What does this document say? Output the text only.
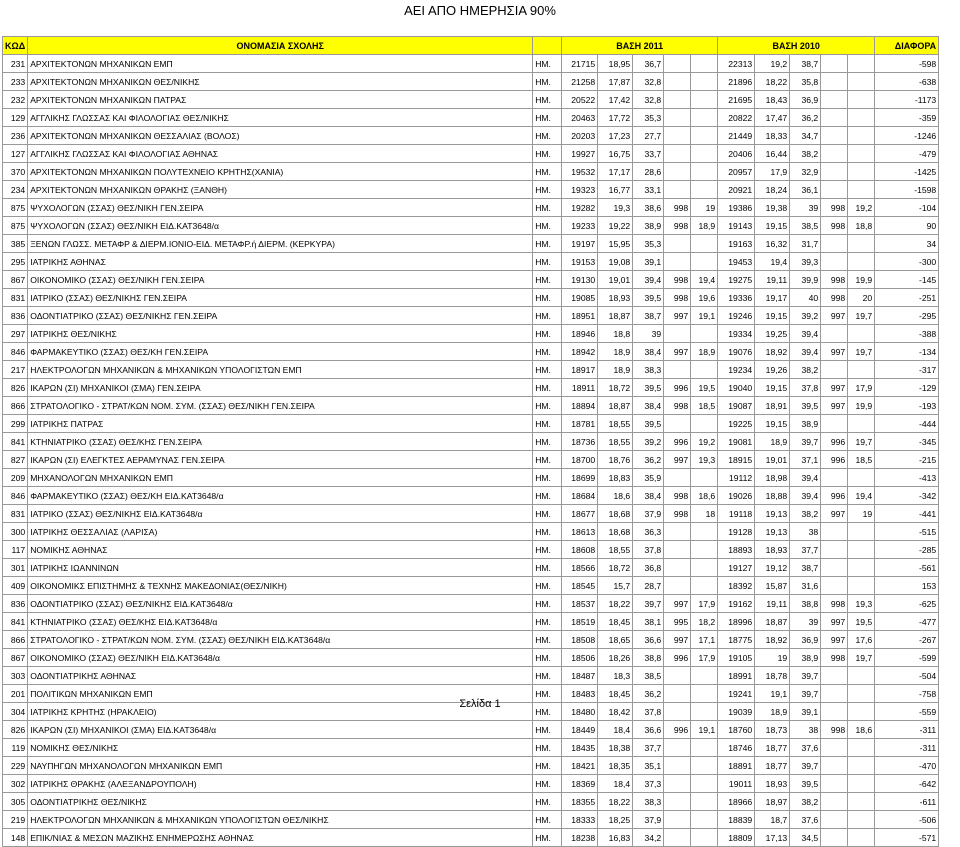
ΑΕΙ ΑΠΟ ΗΜΕΡΗΣΙΑ 90%
ΚΩΔ	ΟΝΟΜΑΣΙΑ ΣΧΟΛΗΣ		ΒΑΣΗ 2011					ΒΑΣΗ 2010					ΔΙΑΦΟΡΑ
231	ΑΡΧΙΤΕΚΤΟΝΩΝ ΜΗΧΑΝΙΚΩΝ ΕΜΠ	ΗΜ.	21715	18,95	36,7			22313	19,2	38,7			-598
233	ΑΡΧΙΤΕΚΤΟΝΩΝ ΜΗΧΑΝΙΚΩΝ ΘΕΣ/ΝΙΚΗΣ	ΗΜ.	21258	17,87	32,8			21896	18,22	35,8			-638
232	ΑΡΧΙΤΕΚΤΟΝΩΝ ΜΗΧΑΝΙΚΩΝ ΠΑΤΡΑΣ	ΗΜ.	20522	17,42	32,8			21695	18,43	36,9			-1173
129	ΑΓΓΛΙΚΗΣ ΓΛΩΣΣΑΣ ΚΑΙ ΦΙΛΟΛΟΓΙΑΣ ΘΕΣ/ΝΙΚΗΣ	ΗΜ.	20463	17,72	35,3			20822	17,47	36,2			-359
236	ΑΡΧΙΤΕΚΤΟΝΩΝ ΜΗΧΑΝΙΚΩΝ ΘΕΣΣΑΛΙΑΣ (ΒΟΛΟΣ)	ΗΜ.	20203	17,23	27,7			21449	18,33	34,7			-1246
127	ΑΓΓΛΙΚΗΣ ΓΛΩΣΣΑΣ ΚΑΙ ΦΙΛΟΛΟΓΙΑΣ ΑΘΗΝΑΣ	ΗΜ.	19927	16,75	33,7			20406	16,44	38,2			-479
370	ΑΡΧΙΤΕΚΤΟΝΩΝ ΜΗΧΑΝΙΚΩΝ ΠΟΛΥΤΕΧΝΕΙΟ ΚΡΗΤΗΣ(ΧΑΝΙΑ)	ΗΜ.	19532	17,17	28,6			20957	17,9	32,9			-1425
234	ΑΡΧΙΤΕΚΤΟΝΩΝ ΜΗΧΑΝΙΚΩΝ ΘΡΑΚΗΣ (ΞΑΝΘΗ)	ΗΜ.	19323	16,77	33,1			20921	18,24	36,1			-1598
875	ΨΥΧΟΛΟΓΩΝ (ΣΣΑΣ) ΘΕΣ/ΝΙΚΗ ΓΕΝ.ΣΕΙΡΑ	ΗΜ.	19282	19,3	38,6	998	19	19386	19,38	39	998	19,2	-104
875	ΨΥΧΟΛΟΓΩΝ (ΣΣΑΣ) ΘΕΣ/ΝΙΚΗ ΕΙΔ.ΚΑΤ3648/α	ΗΜ.	19233	19,22	38,9	998	18,9	19143	19,15	38,5	998	18,8	90
385	ΞΕΝΩΝ ΓΛΩΣΣ. ΜΕΤΑΦΡ & ΔΙΕΡΜ.ΙΟΝΙΟ-ΕΙΔ. ΜΕΤΑΦΡ.ή ΔΙΕΡΜ. (ΚΕΡΚΥΡΑ)	ΗΜ.	19197	15,95	35,3			19163	16,32	31,7			34
295	ΙΑΤΡΙΚΗΣ ΑΘΗΝΑΣ	ΗΜ.	19153	19,08	39,1			19453	19,4	39,3			-300
867	ΟΙΚΟΝΟΜΙΚΟ (ΣΣΑΣ) ΘΕΣ/ΝΙΚΗ ΓΕΝ.ΣΕΙΡΑ	ΗΜ.	19130	19,01	39,4	998	19,4	19275	19,11	39,9	998	19,9	-145
831	ΙΑΤΡΙΚΟ (ΣΣΑΣ) ΘΕΣ/ΝΙΚΗΣ ΓΕΝ.ΣΕΙΡΑ	ΗΜ.	19085	18,93	39,5	998	19,6	19336	19,17	40	998	20	-251
836	ΟΔΟΝΤΙΑΤΡΙΚΟ (ΣΣΑΣ) ΘΕΣ/ΝΙΚΗΣ ΓΕΝ.ΣΕΙΡΑ	ΗΜ.	18951	18,87	38,7	997	19,1	19246	19,15	39,2	997	19,7	-295
297	ΙΑΤΡΙΚΗΣ ΘΕΣ/ΝΙΚΗΣ	ΗΜ.	18946	18,8	39			19334	19,25	39,4			-388
846	ΦΑΡΜΑΚΕΥΤΙΚΟ (ΣΣΑΣ) ΘΕΣ/ΚΗ ΓΕΝ.ΣΕΙΡΑ	ΗΜ.	18942	18,9	38,4	997	18,9	19076	18,92	39,4	997	19,7	-134
217	ΗΛΕΚΤΡΟΛΟΓΩΝ ΜΗΧΑΝΙΚΩΝ & ΜΗΧΑΝΙΚΩΝ ΥΠΟΛΟΓΙΣΤΩΝ ΕΜΠ	ΗΜ.	18917	18,9	38,3			19234	19,26	38,2			-317
826	ΙΚΑΡΩΝ (ΣΙ) ΜΗΧΑΝΙΚΟΙ (ΣΜΑ) ΓΕΝ.ΣΕΙΡΑ	ΗΜ.	18911	18,72	39,5	996	19,5	19040	19,15	37,8	997	17,9	-129
866	ΣΤΡΑΤΟΛΟΓΙΚΟ - ΣΤΡΑΤ/ΚΩΝ ΝΟΜ. ΣΥΜ. (ΣΣΑΣ) ΘΕΣ/ΝΙΚΗ ΓΕΝ.ΣΕΙΡΑ	ΗΜ.	18894	18,87	38,4	998	18,5	19087	18,91	39,5	997	19,9	-193
299	ΙΑΤΡΙΚΗΣ ΠΑΤΡΑΣ	ΗΜ.	18781	18,55	39,5			19225	19,15	38,9			-444
841	ΚΤΗΝΙΑΤΡΙΚΟ (ΣΣΑΣ) ΘΕΣ/ΚΗΣ ΓΕΝ.ΣΕΙΡΑ	ΗΜ.	18736	18,55	39,2	996	19,2	19081	18,9	39,7	996	19,7	-345
827	ΙΚΑΡΩΝ (ΣΙ) ΕΛΕΓΚΤΕΣ ΑΕΡΑΜΥΝΑΣ ΓΕΝ.ΣΕΙΡΑ	ΗΜ.	18700	18,76	36,2	997	19,3	18915	19,01	37,1	996	18,5	-215
209	ΜΗΧΑΝΟΛΟΓΩΝ ΜΗΧΑΝΙΚΩΝ ΕΜΠ	ΗΜ.	18699	18,83	35,9			19112	18,98	39,4			-413
846	ΦΑΡΜΑΚΕΥΤΙΚΟ (ΣΣΑΣ) ΘΕΣ/ΚΗ ΕΙΔ.ΚΑΤ3648/α	ΗΜ.	18684	18,6	38,4	998	18,6	19026	18,88	39,4	996	19,4	-342
831	ΙΑΤΡΙΚΟ (ΣΣΑΣ) ΘΕΣ/ΝΙΚΗΣ ΕΙΔ.ΚΑΤ3648/α	ΗΜ.	18677	18,68	37,9	998	18	19118	19,13	38,2	997	19	-441
300	ΙΑΤΡΙΚΗΣ ΘΕΣΣΑΛΙΑΣ (ΛΑΡΙΣΑ)	ΗΜ.	18613	18,68	36,3			19128	19,13	38			-515
117	ΝΟΜΙΚΗΣ ΑΘΗΝΑΣ	ΗΜ.	18608	18,55	37,8			18893	18,93	37,7			-285
301	ΙΑΤΡΙΚΗΣ ΙΩΑΝΝΙΝΩΝ	ΗΜ.	18566	18,72	36,8			19127	19,12	38,7			-561
409	ΟΙΚΟΝΟΜΙΚΣ ΕΠΙΣΤΗΜΗΣ & ΤΕΧΝΗΣ ΜΑΚΕΔΟΝΙΑΣ(ΘΕΣ/ΝΙΚΗ)	ΗΜ.	18545	15,7	28,7			18392	15,87	31,6			153
836	ΟΔΟΝΤΙΑΤΡΙΚΟ (ΣΣΑΣ) ΘΕΣ/ΝΙΚΗΣ ΕΙΔ.ΚΑΤ3648/α	ΗΜ.	18537	18,22	39,7	997	17,9	19162	19,11	38,8	998	19,3	-625
841	ΚΤΗΝΙΑΤΡΙΚΟ (ΣΣΑΣ) ΘΕΣ/ΚΗΣ ΕΙΔ.ΚΑΤ3648/α	ΗΜ.	18519	18,45	38,1	995	18,2	18996	18,87	39	997	19,5	-477
866	ΣΤΡΑΤΟΛΟΓΙΚΟ - ΣΤΡΑΤ/ΚΩΝ ΝΟΜ. ΣΥΜ. (ΣΣΑΣ) ΘΕΣ/ΝΙΚΗ ΕΙΔ.ΚΑΤ3648/α	ΗΜ.	18508	18,65	36,6	997	17,1	18775	18,92	36,9	997	17,6	-267
867	ΟΙΚΟΝΟΜΙΚΟ (ΣΣΑΣ) ΘΕΣ/ΝΙΚΗ ΕΙΔ.ΚΑΤ3648/α	ΗΜ.	18506	18,26	38,8	996	17,9	19105	19	38,9	998	19,7	-599
303	ΟΔΟΝΤΙΑΤΡΙΚΗΣ ΑΘΗΝΑΣ	ΗΜ.	18487	18,3	38,5			18991	18,78	39,7			-504
201	ΠΟΛΙΤΙΚΩΝ ΜΗΧΑΝΙΚΩΝ ΕΜΠ	ΗΜ.	18483	18,45	36,2			19241	19,1	39,7			-758
304	ΙΑΤΡΙΚΗΣ ΚΡΗΤΗΣ (ΗΡΑΚΛΕΙΟ)	ΗΜ.	18480	18,42	37,8			19039	18,9	39,1			-559
826	ΙΚΑΡΩΝ (ΣΙ) ΜΗΧΑΝΙΚΟΙ (ΣΜΑ) ΕΙΔ.ΚΑΤ3648/α	ΗΜ.	18449	18,4	36,6	996	19,1	18760	18,73	38	998	18,6	-311
119	ΝΟΜΙΚΗΣ ΘΕΣ/ΝΙΚΗΣ	ΗΜ.	18435	18,38	37,7			18746	18,77	37,6			-311
229	ΝΑΥΠΗΓΩΝ ΜΗΧΑΝΟΛΟΓΩΝ ΜΗΧΑΝΙΚΩΝ ΕΜΠ	ΗΜ.	18421	18,35	35,1			18891	18,77	39,7			-470
302	ΙΑΤΡΙΚΗΣ ΘΡΑΚΗΣ (ΑΛΕΞΑΝΔΡΟΥΠΟΛΗ)	ΗΜ.	18369	18,4	37,3			19011	18,93	39,5			-642
305	ΟΔΟΝΤΙΑΤΡΙΚΗΣ ΘΕΣ/ΝΙΚΗΣ	ΗΜ.	18355	18,22	38,3			18966	18,97	38,2			-611
219	ΗΛΕΚΤΡΟΛΟΓΩΝ ΜΗΧΑΝΙΚΩΝ & ΜΗΧΑΝΙΚΩΝ ΥΠΟΛΟΓΙΣΤΩΝ ΘΕΣ/ΝΙΚΗΣ	ΗΜ.	18333	18,25	37,9			18839	18,7	37,6			-506
148	ΕΠΙΚ/ΝΙΑΣ & ΜΕΣΩΝ ΜΑΖΙΚΗΣ ΕΝΗΜΕΡΩΣΗΣ ΑΘΗΝΑΣ	ΗΜ.	18238	16,83	34,2			18809	17,13	34,5			-571
Σελίδα 1
